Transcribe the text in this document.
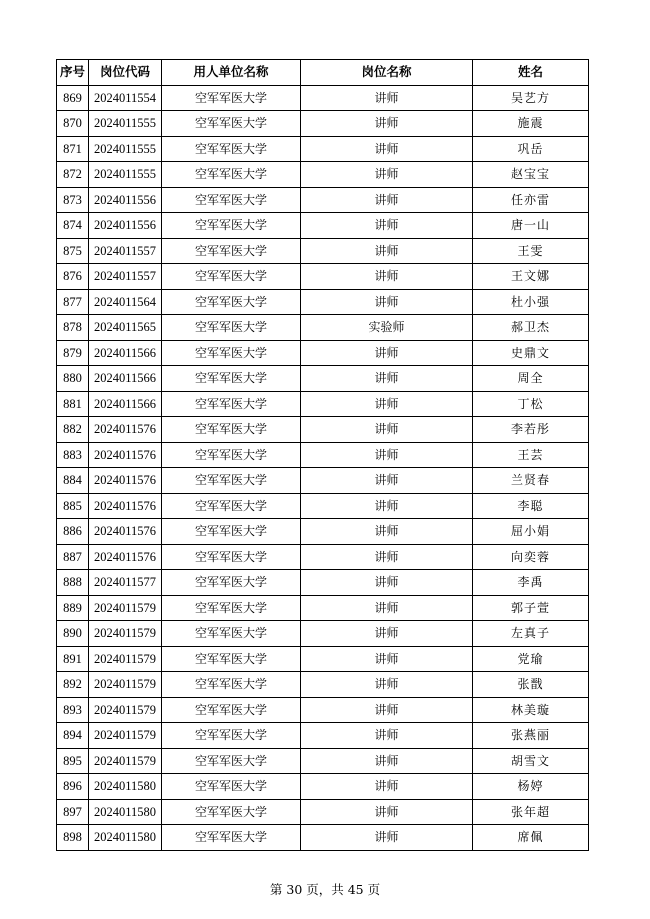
序号	岗位代码	用人单位名称	岗位名称	姓名
869	2024011554	空军军医大学	讲师	吴艺方
870	2024011555	空军军医大学	讲师	施震
871	2024011555	空军军医大学	讲师	巩岳
872	2024011555	空军军医大学	讲师	赵宝宝
873	2024011556	空军军医大学	讲师	任亦雷
874	2024011556	空军军医大学	讲师	唐一山
875	2024011557	空军军医大学	讲师	王雯
876	2024011557	空军军医大学	讲师	王文娜
877	2024011564	空军军医大学	讲师	杜小强
878	2024011565	空军军医大学	实验师	郝卫杰
879	2024011566	空军军医大学	讲师	史鼎文
880	2024011566	空军军医大学	讲师	周全
881	2024011566	空军军医大学	讲师	丁松
882	2024011576	空军军医大学	讲师	李若彤
883	2024011576	空军军医大学	讲师	王芸
884	2024011576	空军军医大学	讲师	兰贤春
885	2024011576	空军军医大学	讲师	李聪
886	2024011576	空军军医大学	讲师	屈小娟
887	2024011576	空军军医大学	讲师	向奕蓉
888	2024011577	空军军医大学	讲师	李禹
889	2024011579	空军军医大学	讲师	郭子萱
890	2024011579	空军军医大学	讲师	左真子
891	2024011579	空军军医大学	讲师	党瑜
892	2024011579	空军军医大学	讲师	张戬
893	2024011579	空军军医大学	讲师	林美璇
894	2024011579	空军军医大学	讲师	张燕丽
895	2024011579	空军军医大学	讲师	胡雪文
896	2024011580	空军军医大学	讲师	杨婷
897	2024011580	空军军医大学	讲师	张年超
898	2024011580	空军军医大学	讲师	席佩
第 30 页，共 45 页
